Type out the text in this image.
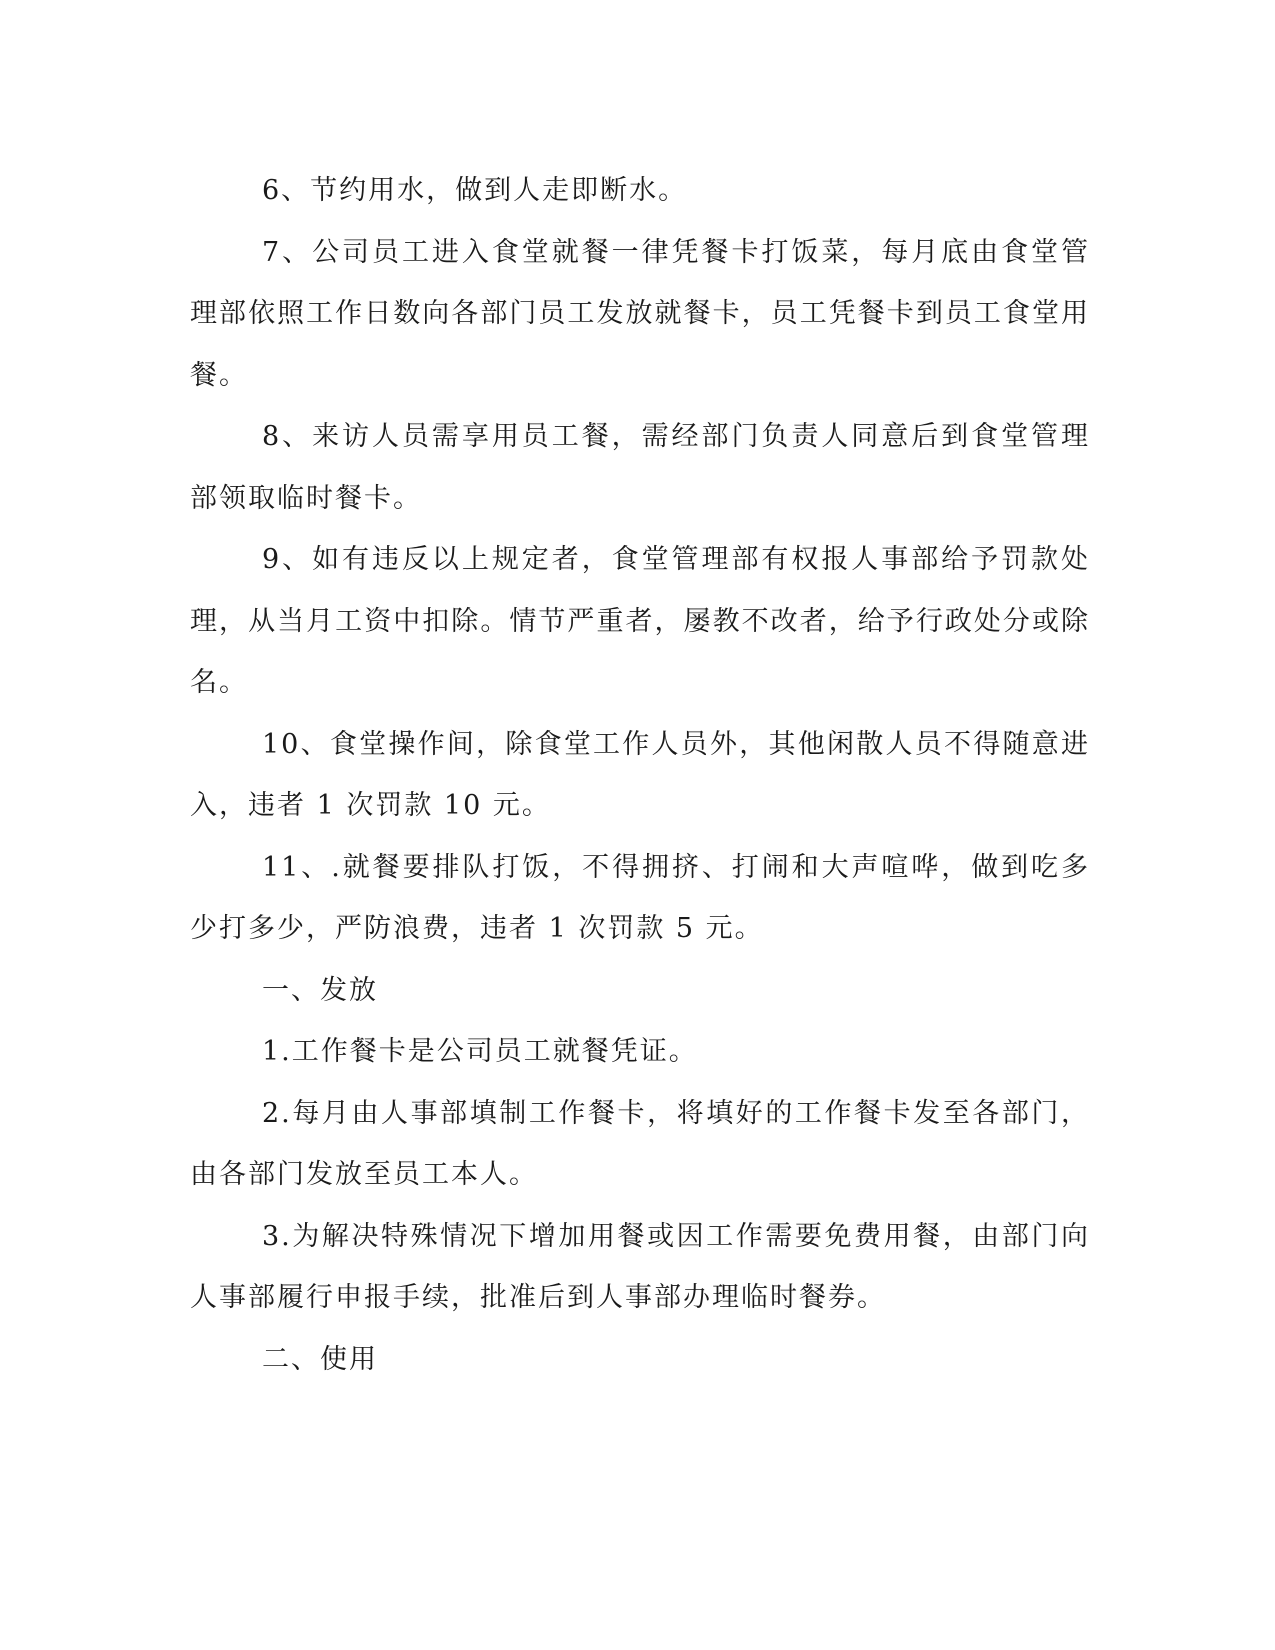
6、节约用水，做到人走即断水。

7、公司员工进入食堂就餐一律凭餐卡打饭菜，每月底由食堂管理部依照工作日数向各部门员工发放就餐卡，员工凭餐卡到员工食堂用餐。

8、来访人员需享用员工餐，需经部门负责人同意后到食堂管理部领取临时餐卡。

9、如有违反以上规定者，食堂管理部有权报人事部给予罚款处理，从当月工资中扣除。情节严重者，屡教不改者，给予行政处分或除名。

10、食堂操作间，除食堂工作人员外，其他闲散人员不得随意进入，违者 1 次罚款 10 元。

11、.就餐要排队打饭，不得拥挤、打闹和大声喧哗，做到吃多少打多少，严防浪费，违者 1 次罚款 5 元。

一、发放

1.工作餐卡是公司员工就餐凭证。

2.每月由人事部填制工作餐卡，将填好的工作餐卡发至各部门，由各部门发放至员工本人。

3.为解决特殊情况下增加用餐或因工作需要免费用餐，由部门向人事部履行申报手续，批准后到人事部办理临时餐券。

二、使用
